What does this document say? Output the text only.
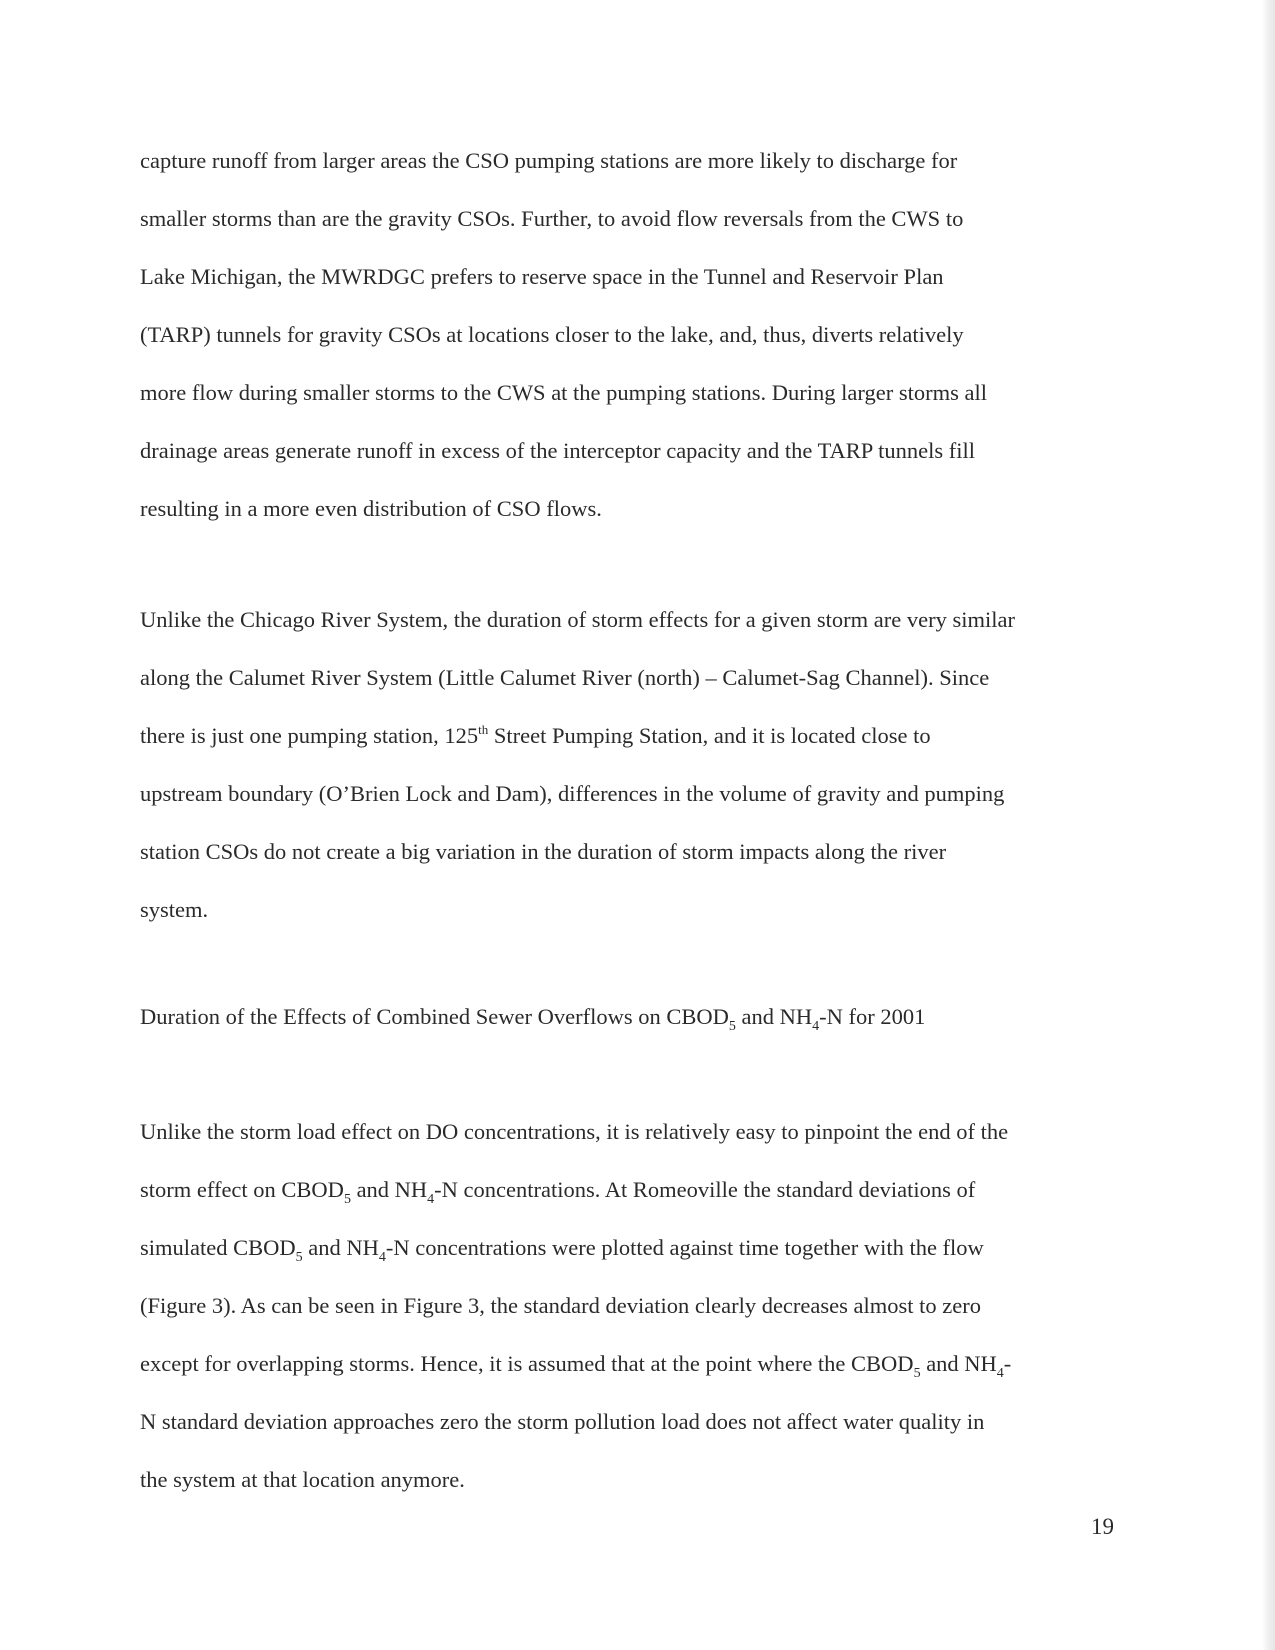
capture runoff from larger areas the CSO pumping stations are more likely to discharge for
smaller storms than are the gravity CSOs. Further, to avoid flow reversals from the CWS to
Lake Michigan, the MWRDGC prefers to reserve space in the Tunnel and Reservoir Plan
(TARP) tunnels for gravity CSOs at locations closer to the lake, and, thus, diverts relatively
more flow during smaller storms to the CWS at the pumping stations. During larger storms all
drainage areas generate runoff in excess of the interceptor capacity and the TARP tunnels fill
resulting in a more even distribution of CSO flows.
Unlike the Chicago River System, the duration of storm effects for a given storm are very similar
along the Calumet River System (Little Calumet River (north) – Calumet-Sag Channel). Since
there is just one pumping station, 125th Street Pumping Station, and it is located close to
upstream boundary (O’Brien Lock and Dam), differences in the volume of gravity and pumping
station CSOs do not create a big variation in the duration of storm impacts along the river
system.
Duration of the Effects of Combined Sewer Overflows on $CBOD_5$ and $NH_4-N$ for 2001
Unlike the storm load effect on DO concentrations, it is relatively easy to pinpoint the end of the
storm effect on $CBOD_5$ and $NH_4-N$ concentrations. At Romeoville the standard deviations of
simulated $CBOD_5$ and $NH_4-N$ concentrations were plotted against time together with the flow
(Figure 3). As can be seen in Figure 3, the standard deviation clearly decreases almost to zero
except for overlapping storms. Hence, it is assumed that at the point where the $CBOD_5$ and $NH_4-$
N standard deviation approaches zero the storm pollution load does not affect water quality in
the system at that location anymore.
19
